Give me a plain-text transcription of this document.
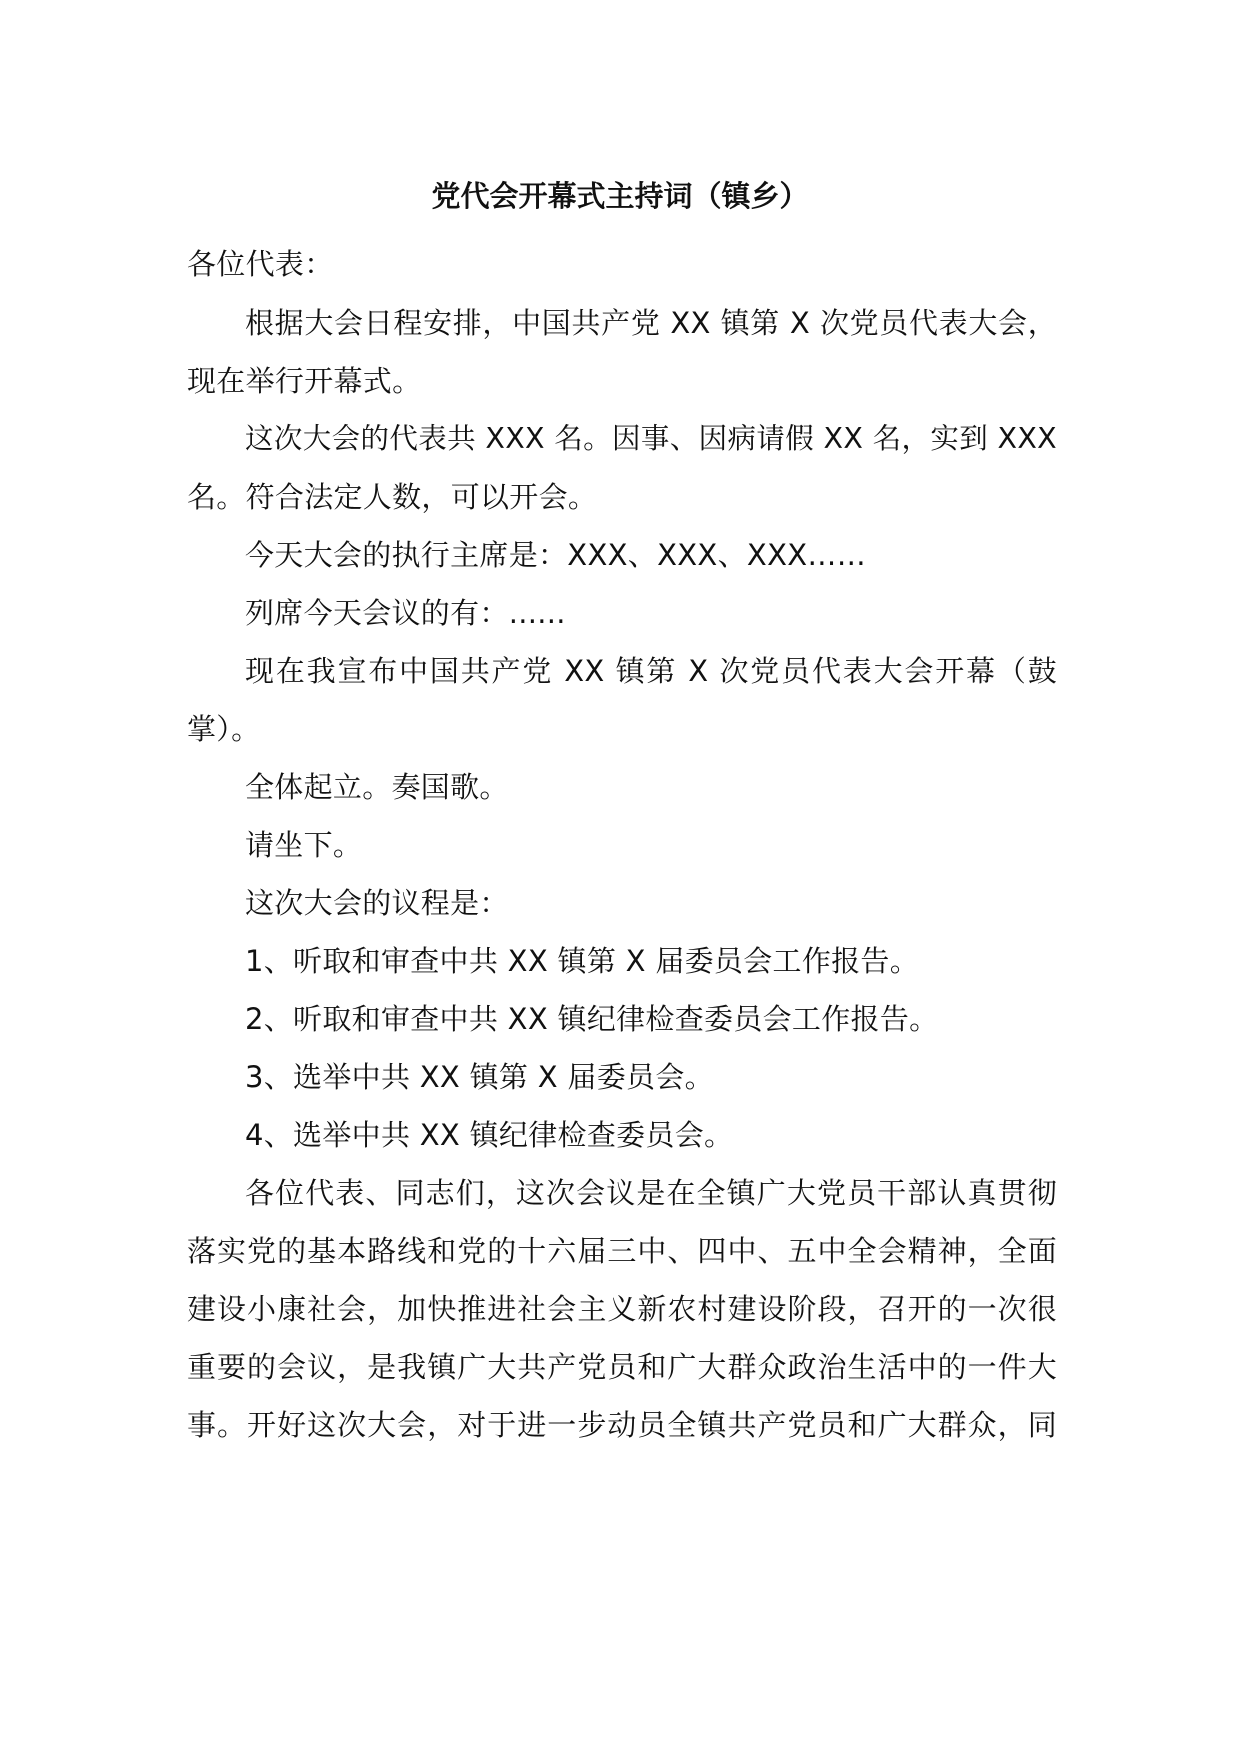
党代会开幕式主持词（镇乡）
各位代表：
根据大会日程安排，中国共产党 XX 镇第 X 次党员代表大会，
现在举行开幕式。
这次大会的代表共 XXX 名。因事、因病请假 XX 名，实到 XXX
名。符合法定人数，可以开会。
今天大会的执行主席是：XXX、XXX、XXX……
列席今天会议的有：......
现在我宣布中国共产党 XX 镇第 X 次党员代表大会开幕（鼓
掌）。
全体起立。奏国歌。
请坐下。
这次大会的议程是：
1、听取和审查中共 XX 镇第 X 届委员会工作报告。
2、听取和审查中共 XX 镇纪律检查委员会工作报告。
3、选举中共 XX 镇第 X 届委员会。
4、选举中共 XX 镇纪律检查委员会。
各位代表、同志们，这次会议是在全镇广大党员干部认真贯彻
落实党的基本路线和党的十六届三中、四中、五中全会精神，全面
建设小康社会，加快推进社会主义新农村建设阶段，召开的一次很
重要的会议，是我镇广大共产党员和广大群众政治生活中的一件大
事。开好这次大会，对于进一步动员全镇共产党员和广大群众，同
